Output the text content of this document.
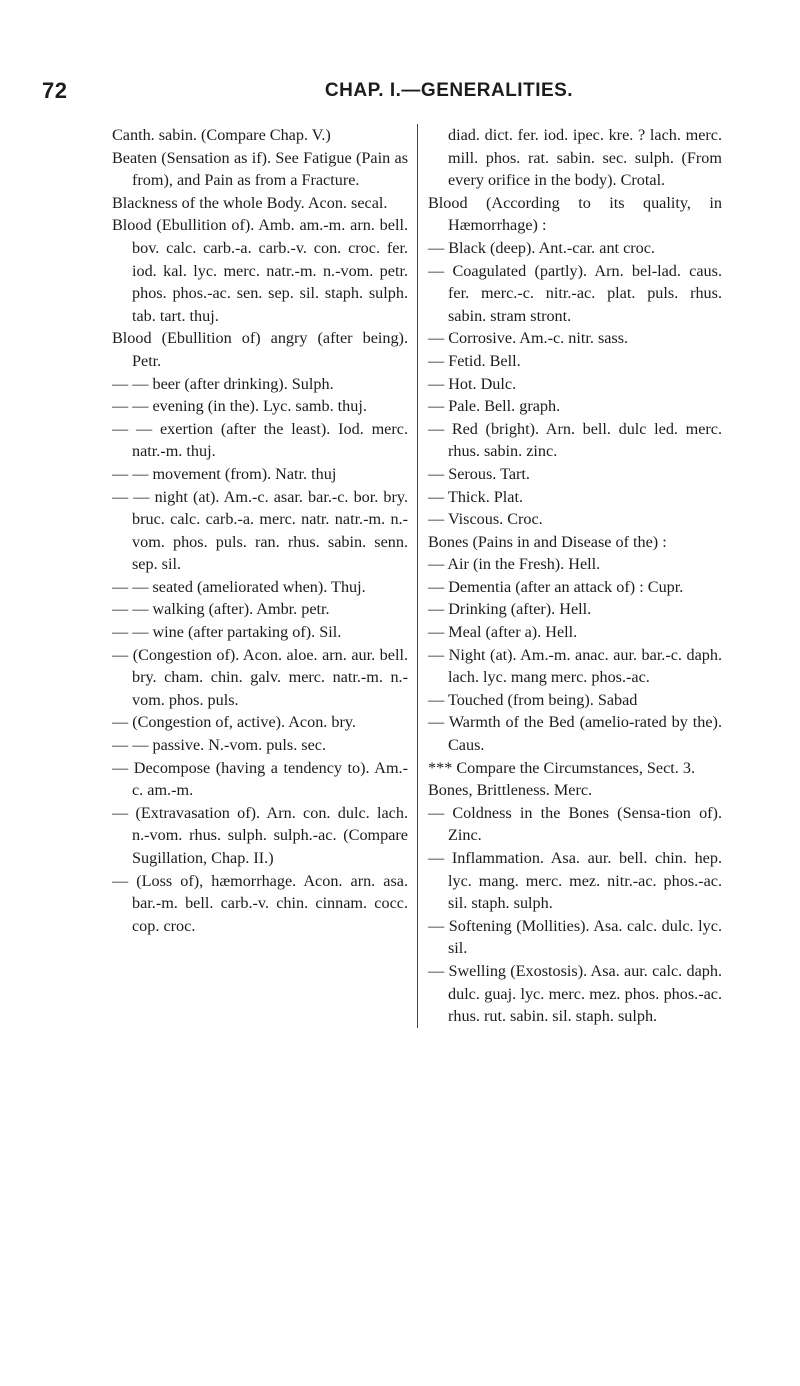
72	CHAP. I.—GENERALITIES.

Canth. sabin. (Compare Chap. V.)

Beaten (Sensation as if). See Fatigue (Pain as from), and Pain as from a Fracture.

Blackness of the whole Body. Acon. secal.

Blood (Ebullition of). Amb. am.-m. arn. bell. bov. calc. carb.-a. carb.-v. con. croc. fer. iod. kal. lyc. merc. natr.-m. n.-vom. petr. phos. phos.-ac. sen. sep. sil. staph. sulph. tab. tart. thuj.

Blood (Ebullition of) angry (after being). Petr.

— — beer (after drinking). Sulph.

— — evening (in the). Lyc. samb. thuj.

— — exertion (after the least). Iod. merc. natr.-m. thuj.

— — movement (from). Natr. thuj

— — night (at). Am.-c. asar. bar.-c. bor. bry. bruc. calc. carb.-a. merc. natr. natr.-m. n.-vom. phos. puls. ran. rhus. sabin. senn. sep. sil.

— — seated (ameliorated when). Thuj.

— — walking (after). Ambr. petr.

— — wine (after partaking of). Sil.

— (Congestion of). Acon. aloe. arn. aur. bell. bry. cham. chin. galv. merc. natr.-m. n.-vom. phos. puls.

— (Congestion of, active). Acon. bry.

— — passive. N.-vom. puls. sec.

— Decompose (having a tendency to). Am.-c. am.-m.

— (Extravasation of). Arn. con. dulc. lach. n.-vom. rhus. sulph. sulph.-ac. (Compare Sugillation, Chap. II.)

— (Loss of), hæmorrhage. Acon. arn. asa. bar.-m. bell. carb.-v. chin. cinnam. cocc. cop. croc.

diad. dict. fer. iod. ipec. kre. ? lach. merc. mill. phos. rat. sabin. sec. sulph. (From every orifice in the body). Crotal.

Blood (According to its quality, in Hæmorrhage) :

— Black (deep). Ant.-car. ant croc.

— Coagulated (partly). Arn. bel-lad. caus. fer. merc.-c. nitr.-ac. plat. puls. rhus. sabin. stram stront.

— Corrosive. Am.-c. nitr. sass.

— Fetid. Bell.

— Hot. Dulc.

— Pale. Bell. graph.

— Red (bright). Arn. bell. dulc led. merc. rhus. sabin. zinc.

— Serous. Tart.

— Thick. Plat.

— Viscous. Croc.

Bones (Pains in and Disease of the) :

— Air (in the Fresh). Hell.

— Dementia (after an attack of) : Cupr.

— Drinking (after). Hell.

— Meal (after a). Hell.

— Night (at). Am.-m. anac. aur. bar.-c. daph. lach. lyc. mang merc. phos.-ac.

— Touched (from being). Sabad

— Warmth of the Bed (amelio-rated by the). Caus.

*** Compare the Circumstances, Sect. 3.

Bones, Brittleness. Merc.

— Coldness in the Bones (Sensa-tion of). Zinc.

— Inflammation. Asa. aur. bell. chin. hep. lyc. mang. merc. mez. nitr.-ac. phos.-ac. sil. staph. sulph.

— Softening (Mollities). Asa. calc. dulc. lyc. sil.

— Swelling (Exostosis). Asa. aur. calc. daph. dulc. guaj. lyc. merc. mez. phos. phos.-ac. rhus. rut. sabin. sil. staph. sulph.
